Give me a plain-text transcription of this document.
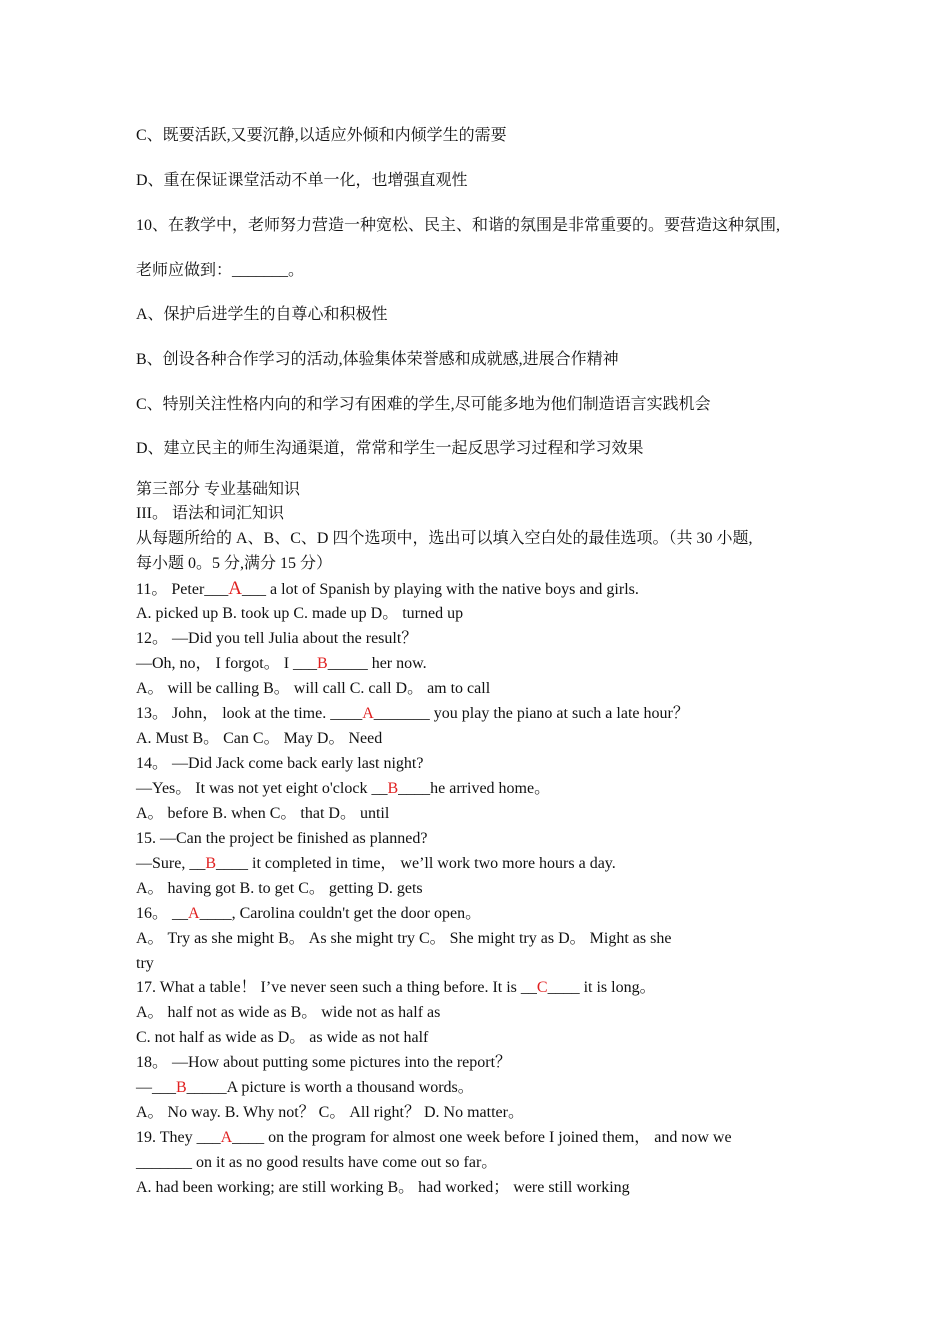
C、既要活跃,又要沉静,以适应外倾和内倾学生的需要
D、重在保证课堂活动不单一化，也增强直观性
10、在教学中，老师努力营造一种宽松、民主、和谐的氛围是非常重要的。要营造这种氛围,
老师应做到：_______。
A、保护后进学生的自尊心和积极性
B、创设各种合作学习的活动,体验集体荣誉感和成就感,进展合作精神
C、特别关注性格内向的和学习有困难的学生,尽可能多地为他们制造语言实践机会
D、建立民主的师生沟通渠道，常常和学生一起反思学习过程和学习效果
第三部分 专业基础知识
III。 语法和词汇知识
从每题所给的 A、B、C、D 四个选项中，选出可以填入空白处的最佳选项。（共 30 小题,
每小题 0。5 分,满分 15 分）
11。 Peter___A___ a lot of Spanish by playing with the native boys and girls.
A. picked up B. took up C. made up D。 turned up
12。 —Did you tell Julia about the result？
—Oh, no， I forgot。 I ___B_____ her now.
A。 will be calling B。 will call C. call D。 am to call
13。 John， look at the time. ____A_______ you play the piano at such a late hour？
A. Must B。 Can C。 May D。 Need
14。 —Did Jack come back early last night?
—Yes。 It was not yet eight o'clock __B____he arrived home。
A。 before B. when C。 that D。 until
15. —Can the project be finished as planned?
—Sure, __B____ it completed in time， we’ll work two more hours a day.
A。 having got B. to get C。 getting D. gets
16。 __A____, Carolina couldn't get the door open。
A。 Try as she might B。 As she might try C。 She might try as D。 Might as she
try
17. What a table！ I’ve never seen such a thing before. It is __C____ it is long。
A。 half not as wide as B。 wide not as half as
C. not half as wide as D。 as wide as not half
18。 —How about putting some pictures into the report？
—___B_____A picture is worth a thousand words。
A。 No way. B. Why not？ C。 All right？ D. No matter。
19. They ___A____ on the program for almost one week before I joined them， and now we
_______ on it as no good results have come out so far。
A. had been working; are still working B。 had worked； were still working
